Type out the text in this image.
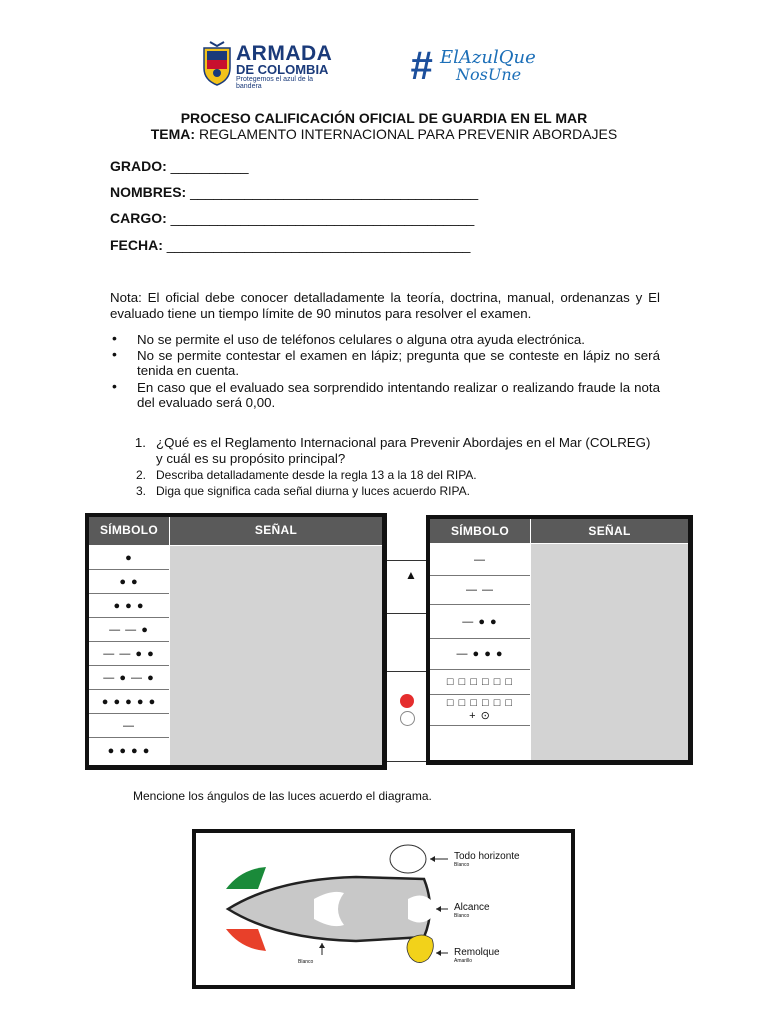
ARMADA
DE COLOMBIA
Protegemos el azul de la bandera	# ElAzulQue
NosUne
PROCESO CALIFICACIÓN OFICIAL DE GUARDIA EN EL MAR
TEMA: REGLAMENTO INTERNACIONAL PARA PREVENIR ABORDAJES
GRADO: __________
NOMBRES: _____________________________________
CARGO: _______________________________________
FECHA: _______________________________________
Nota: El oficial debe conocer detalladamente la teoría, doctrina, manual, ordenanzas y El evaluado tiene un tiempo límite de 90 minutos para resolver el examen.
• No se permite el uso de teléfonos celulares o alguna otra ayuda electrónica.
• No se permite contestar el examen en lápiz; pregunta que se conteste en lápiz no será tenida en cuenta.
• En caso que el evaluado sea sorprendido intentando realizar o realizando fraude la nota del evaluado será 0,00.
1. ¿Qué es el Reglamento Internacional para Prevenir Abordajes en el Mar (COLREG) y cuál es su propósito principal?
2. Describa detalladamente desde la regla 13 a la 18 del RIPA.
3. Diga que significa cada señal diurna y luces acuerdo RIPA.
▲
SÍMBOLO	SEÑAL
●
● ●
● ● ●
— — ●
— — ● ●
— ● — ●
● ● ● ● ●
—
● ● ● ●
SÍMBOLO	SEÑAL
—
— —
— ● ●
— ● ● ●
□ □ □ □ □ □
□ □ □ □ □ □
+ ⊙
Mencione los ángulos de las luces acuerdo el diagrama.
Todo horizonte
Blanco
Alcance
Blanco
Remolque
Amarillo
Blanco
